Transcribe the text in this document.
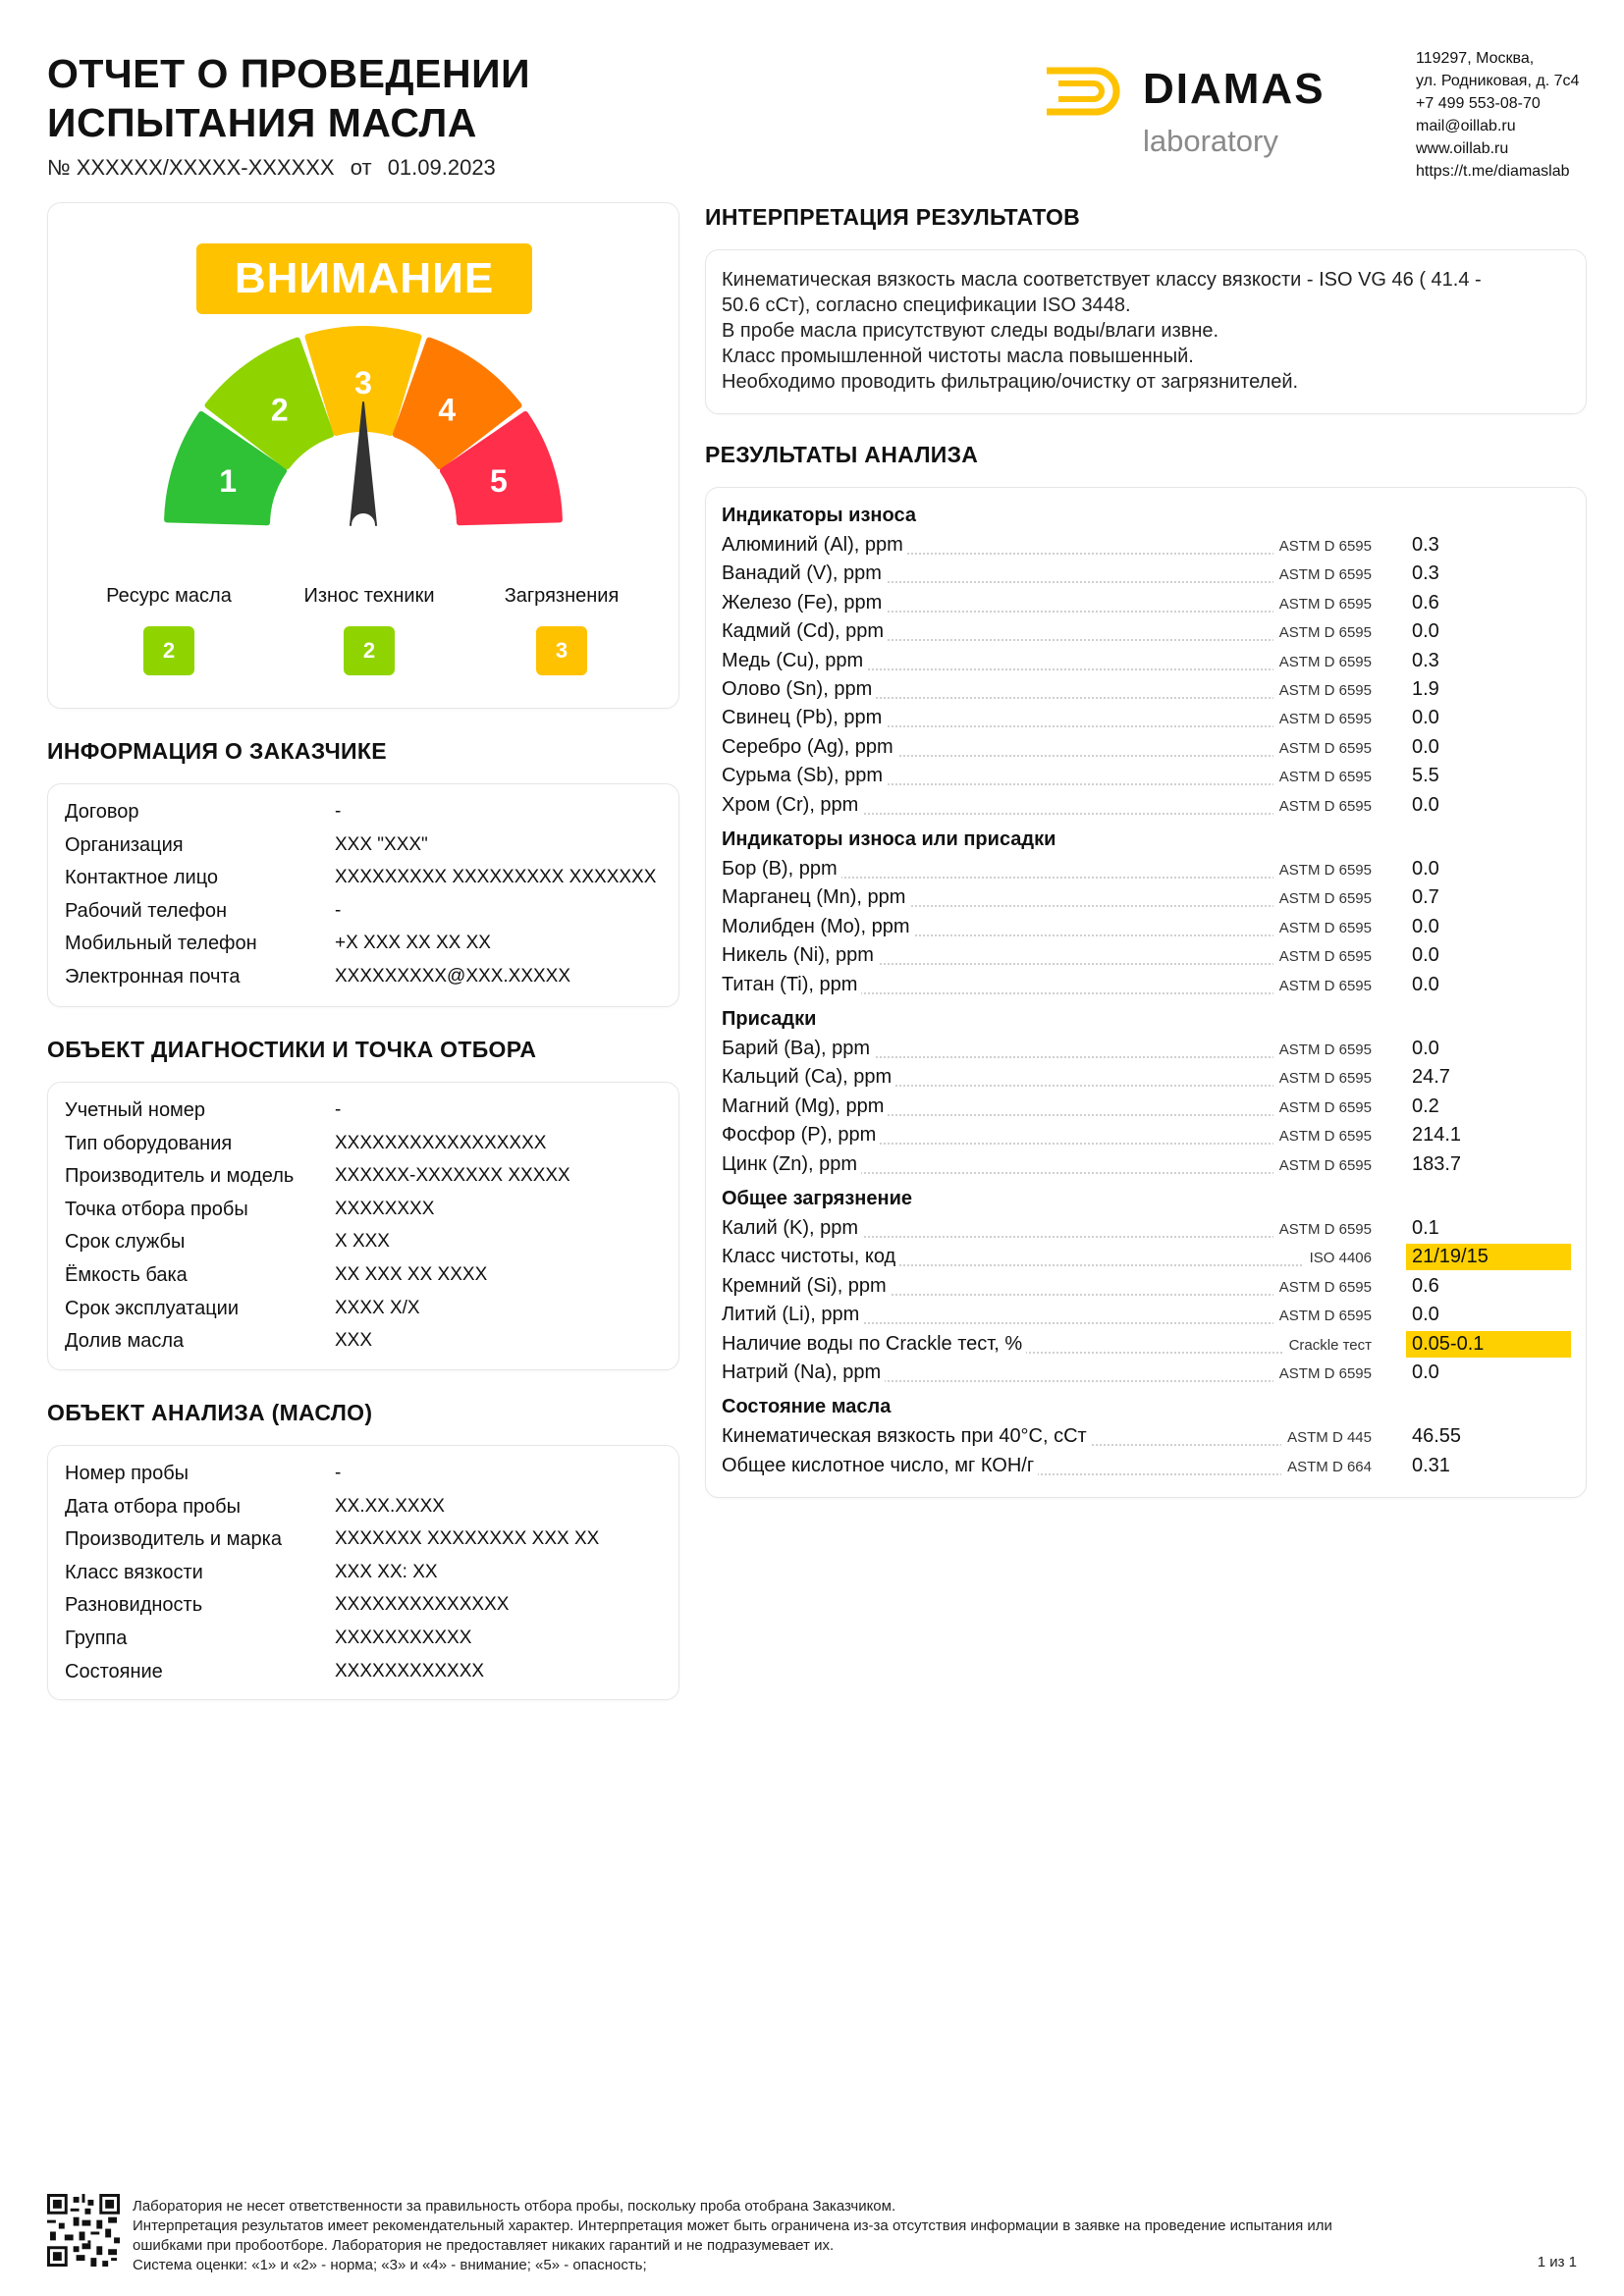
ОТЧЕТ О ПРОВЕДЕНИИ
ИСПЫТАНИЯ МАСЛА
№ XXXXXX/XXXXX-XXXXXX от 01.09.2023
DIAMAS
laboratory
119297, Москва,
ул. Родниковая, д. 7с4
+7 499 553-08-70
mail@oillab.ru
www.oillab.ru
https://t.me/diamaslab
ВНИМАНИЕ
1
2
3
4
5
Ресурс масла	Износ техники	Загрязнения
2	2	3
ИНФОРМАЦИЯ О ЗАКАЗЧИКЕ
Договор	-
Организация	XXX "XXX"
Контактное лицо	XXXXXXXXX XXXXXXXXX XXXXXXX
Рабочий телефон	-
Мобильный телефон	+X XXX XX XX XX
Электронная почта	XXXXXXXXX@XXX.XXXXX
ОБЪЕКТ ДИАГНОСТИКИ И ТОЧКА ОТБОРА
Учетный номер	-
Тип оборудования	XXXXXXXXXXXXXXXXX
Производитель и модель XXXXXX-XXXXXXX XXXXX
Точка отбора пробы	XXXXXXXX
Срок службы	X XXX
Ёмкость бака	XX XXX XX XXXX
Срок эксплуатации	XXXX X/X
Долив масла	XXX
ОБЪЕКТ АНАЛИЗА (МАСЛО)
Номер пробы	-
Дата отбора пробы	XX.XX.XXXX
Производитель и марка	XXXXXXX XXXXXXXX XXX XX
Класс вязкости	XXX XX: XX
Разновидность	XXXXXXXXXXXXXX
Группа	XXXXXXXXXXX
Состояние	XXXXXXXXXXXX
ИНТЕРПРЕТАЦИЯ РЕЗУЛЬТАТОВ
Кинематическая вязкость масла соответствует классу вязкости - ISO VG 46 ( 41.4 -
50.6 сСт), согласно спецификации ISO 3448.
В пробе масла присутствуют следы воды/влаги извне.
Класс промышленной чистоты масла повышенный.
Необходимо проводить фильтрацию/очистку от загрязнителей.
РЕЗУЛЬТАТЫ АНАЛИЗА
Индикаторы износа
Алюминий (Al), ppm	ASTM D 6595	0.3
Ванадий (V), ppm	ASTM D 6595	0.3
Железо (Fe), ppm	ASTM D 6595	0.6
Кадмий (Cd), ppm	ASTM D 6595	0.0
Медь (Cu), ppm	ASTM D 6595	0.3
Олово (Sn), ppm	ASTM D 6595	1.9
Свинец (Pb), ppm	ASTM D 6595	0.0
Серебро (Ag), ppm	ASTM D 6595	0.0
Сурьма (Sb), ppm	ASTM D 6595	5.5
Хром (Cr), ppm	ASTM D 6595	0.0
Индикаторы износа или присадки
Бор (B), ppm	ASTM D 6595	0.0
Марганец (Mn), ppm	ASTM D 6595	0.7
Молибден (Mo), ppm	ASTM D 6595	0.0
Никель (Ni), ppm	ASTM D 6595	0.0
Титан (Ti), ppm	ASTM D 6595	0.0
Присадки
Барий (Ba), ppm	ASTM D 6595	0.0
Кальций (Ca), ppm	ASTM D 6595	24.7
Магний (Mg), ppm	ASTM D 6595	0.2
Фосфор (P), ppm	ASTM D 6595	214.1
Цинк (Zn), ppm	ASTM D 6595	183.7
Общее загрязнение
Калий (K), ppm	ASTM D 6595	0.1
Класс чистоты, код	ISO 4406	21/19/15
Кремний (Si), ppm	ASTM D 6595	0.6
Литий (Li), ppm	ASTM D 6595	0.0
Наличие воды по Crackle тест, %	Crackle тест	0.05-0.1
Натрий (Na), ppm	ASTM D 6595	0.0
Состояние масла
Кинематическая вязкость при 40°C, сСт	ASTM D 445	46.55
Общее кислотное число, мг КОН/г	ASTM D 664	0.31
Лаборатория не несет ответственности за правильность отбора пробы, поскольку проба отобрана Заказчиком.
Интерпретация результатов имеет рекомендательный характер. Интерпретация может быть ограничена из-за отсутствия информации в заявке на проведение испытания или
ошибками при пробоотборе. Лаборатория не предоставляет никаких гарантий и не подразумевает их.
Система оценки: «1» и «2» - норма; «3» и «4» - внимание; «5» - опасность;	1 из 1
